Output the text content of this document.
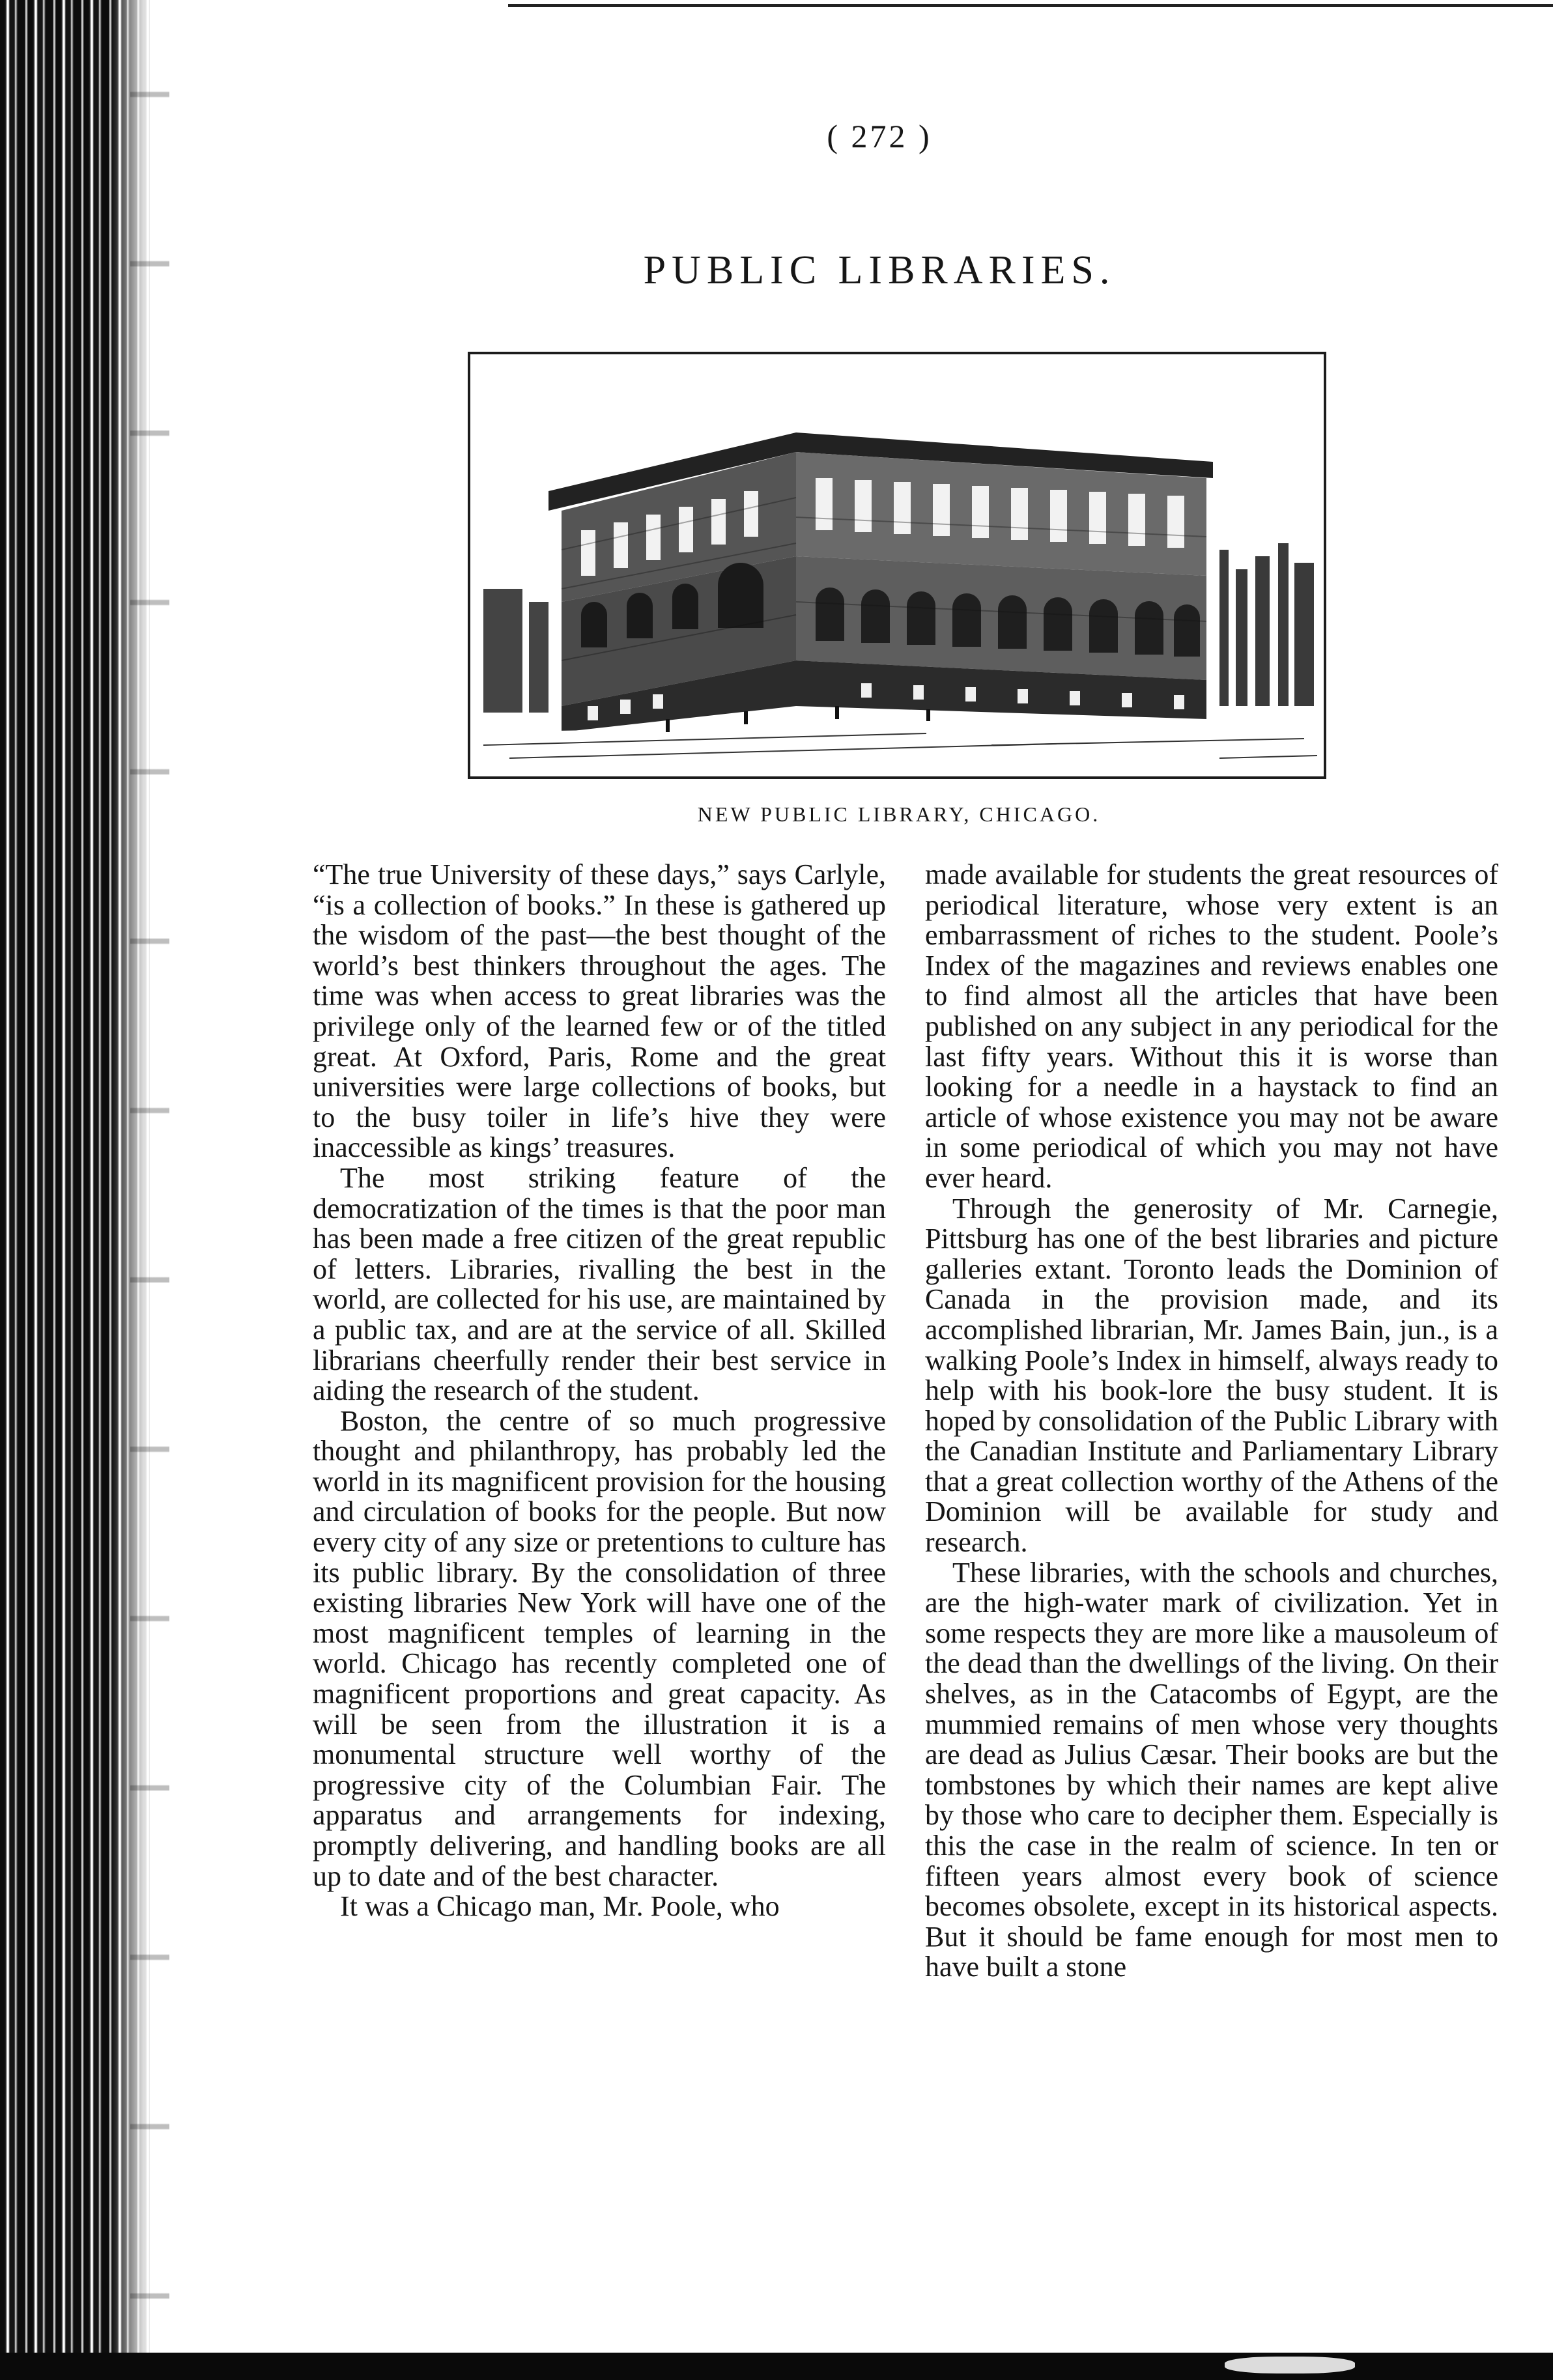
( 272 )
PUBLIC LIBRARIES.
NEW PUBLIC LIBRARY, CHICAGO.

“The true University of these days,” says Carlyle, “is a collection of books.” In these is gathered up the wisdom of the past—the best thought of the world’s best thinkers throughout the ages. The time was when access to great libraries was the privilege only of the learned few or of the titled great. At Oxford, Paris, Rome and the great universities were large collections of books, but to the busy toiler in life’s hive they were inaccessible as kings’ treasures.

The most striking feature of the democratization of the times is that the poor man has been made a free citizen of the great republic of letters. Libraries, rivalling the best in the world, are collected for his use, are maintained by a public tax, and are at the service of all. Skilled librarians cheerfully render their best service in aiding the research of the student.

Boston, the centre of so much progressive thought and philanthropy, has probably led the world in its magnificent provision for the housing and circulation of books for the people. But now every city of any size or pretentions to culture has its public library. By the consolidation of three existing libraries New York will have one of the most magnificent temples of learning in the world. Chicago has recently completed one of magnificent proportions and great capacity. As will be seen from the illustration it is a monumental structure well worthy of the progressive city of the Columbian Fair. The apparatus and arrangements for indexing, promptly delivering, and handling books are all up to date and of the best character.

It was a Chicago man, Mr. Poole, who

made available for students the great resources of periodical literature, whose very extent is an embarrassment of riches to the student. Poole’s Index of the magazines and reviews enables one to find almost all the articles that have been published on any subject in any periodical for the last fifty years. Without this it is worse than looking for a needle in a haystack to find an article of whose existence you may not be aware in some periodical of which you may not have ever heard.

Through the generosity of Mr. Carnegie, Pittsburg has one of the best libraries and picture galleries extant. Toronto leads the Dominion of Canada in the provision made, and its accomplished librarian, Mr. James Bain, jun., is a walking Poole’s Index in himself, always ready to help with his book-lore the busy student. It is hoped by consolidation of the Public Library with the Canadian Institute and Parliamentary Library that a great collection worthy of the Athens of the Dominion will be available for study and research.

These libraries, with the schools and churches, are the high-water mark of civilization. Yet in some respects they are more like a mausoleum of the dead than the dwellings of the living. On their shelves, as in the Catacombs of Egypt, are the mummied remains of men whose very thoughts are dead as Julius Cæsar. Their books are but the tombstones by which their names are kept alive by those who care to decipher them. Especially is this the case in the realm of science. In ten or fifteen years almost every book of science becomes obsolete, except in its historical aspects. But it should be fame enough for most men to have built a stone
